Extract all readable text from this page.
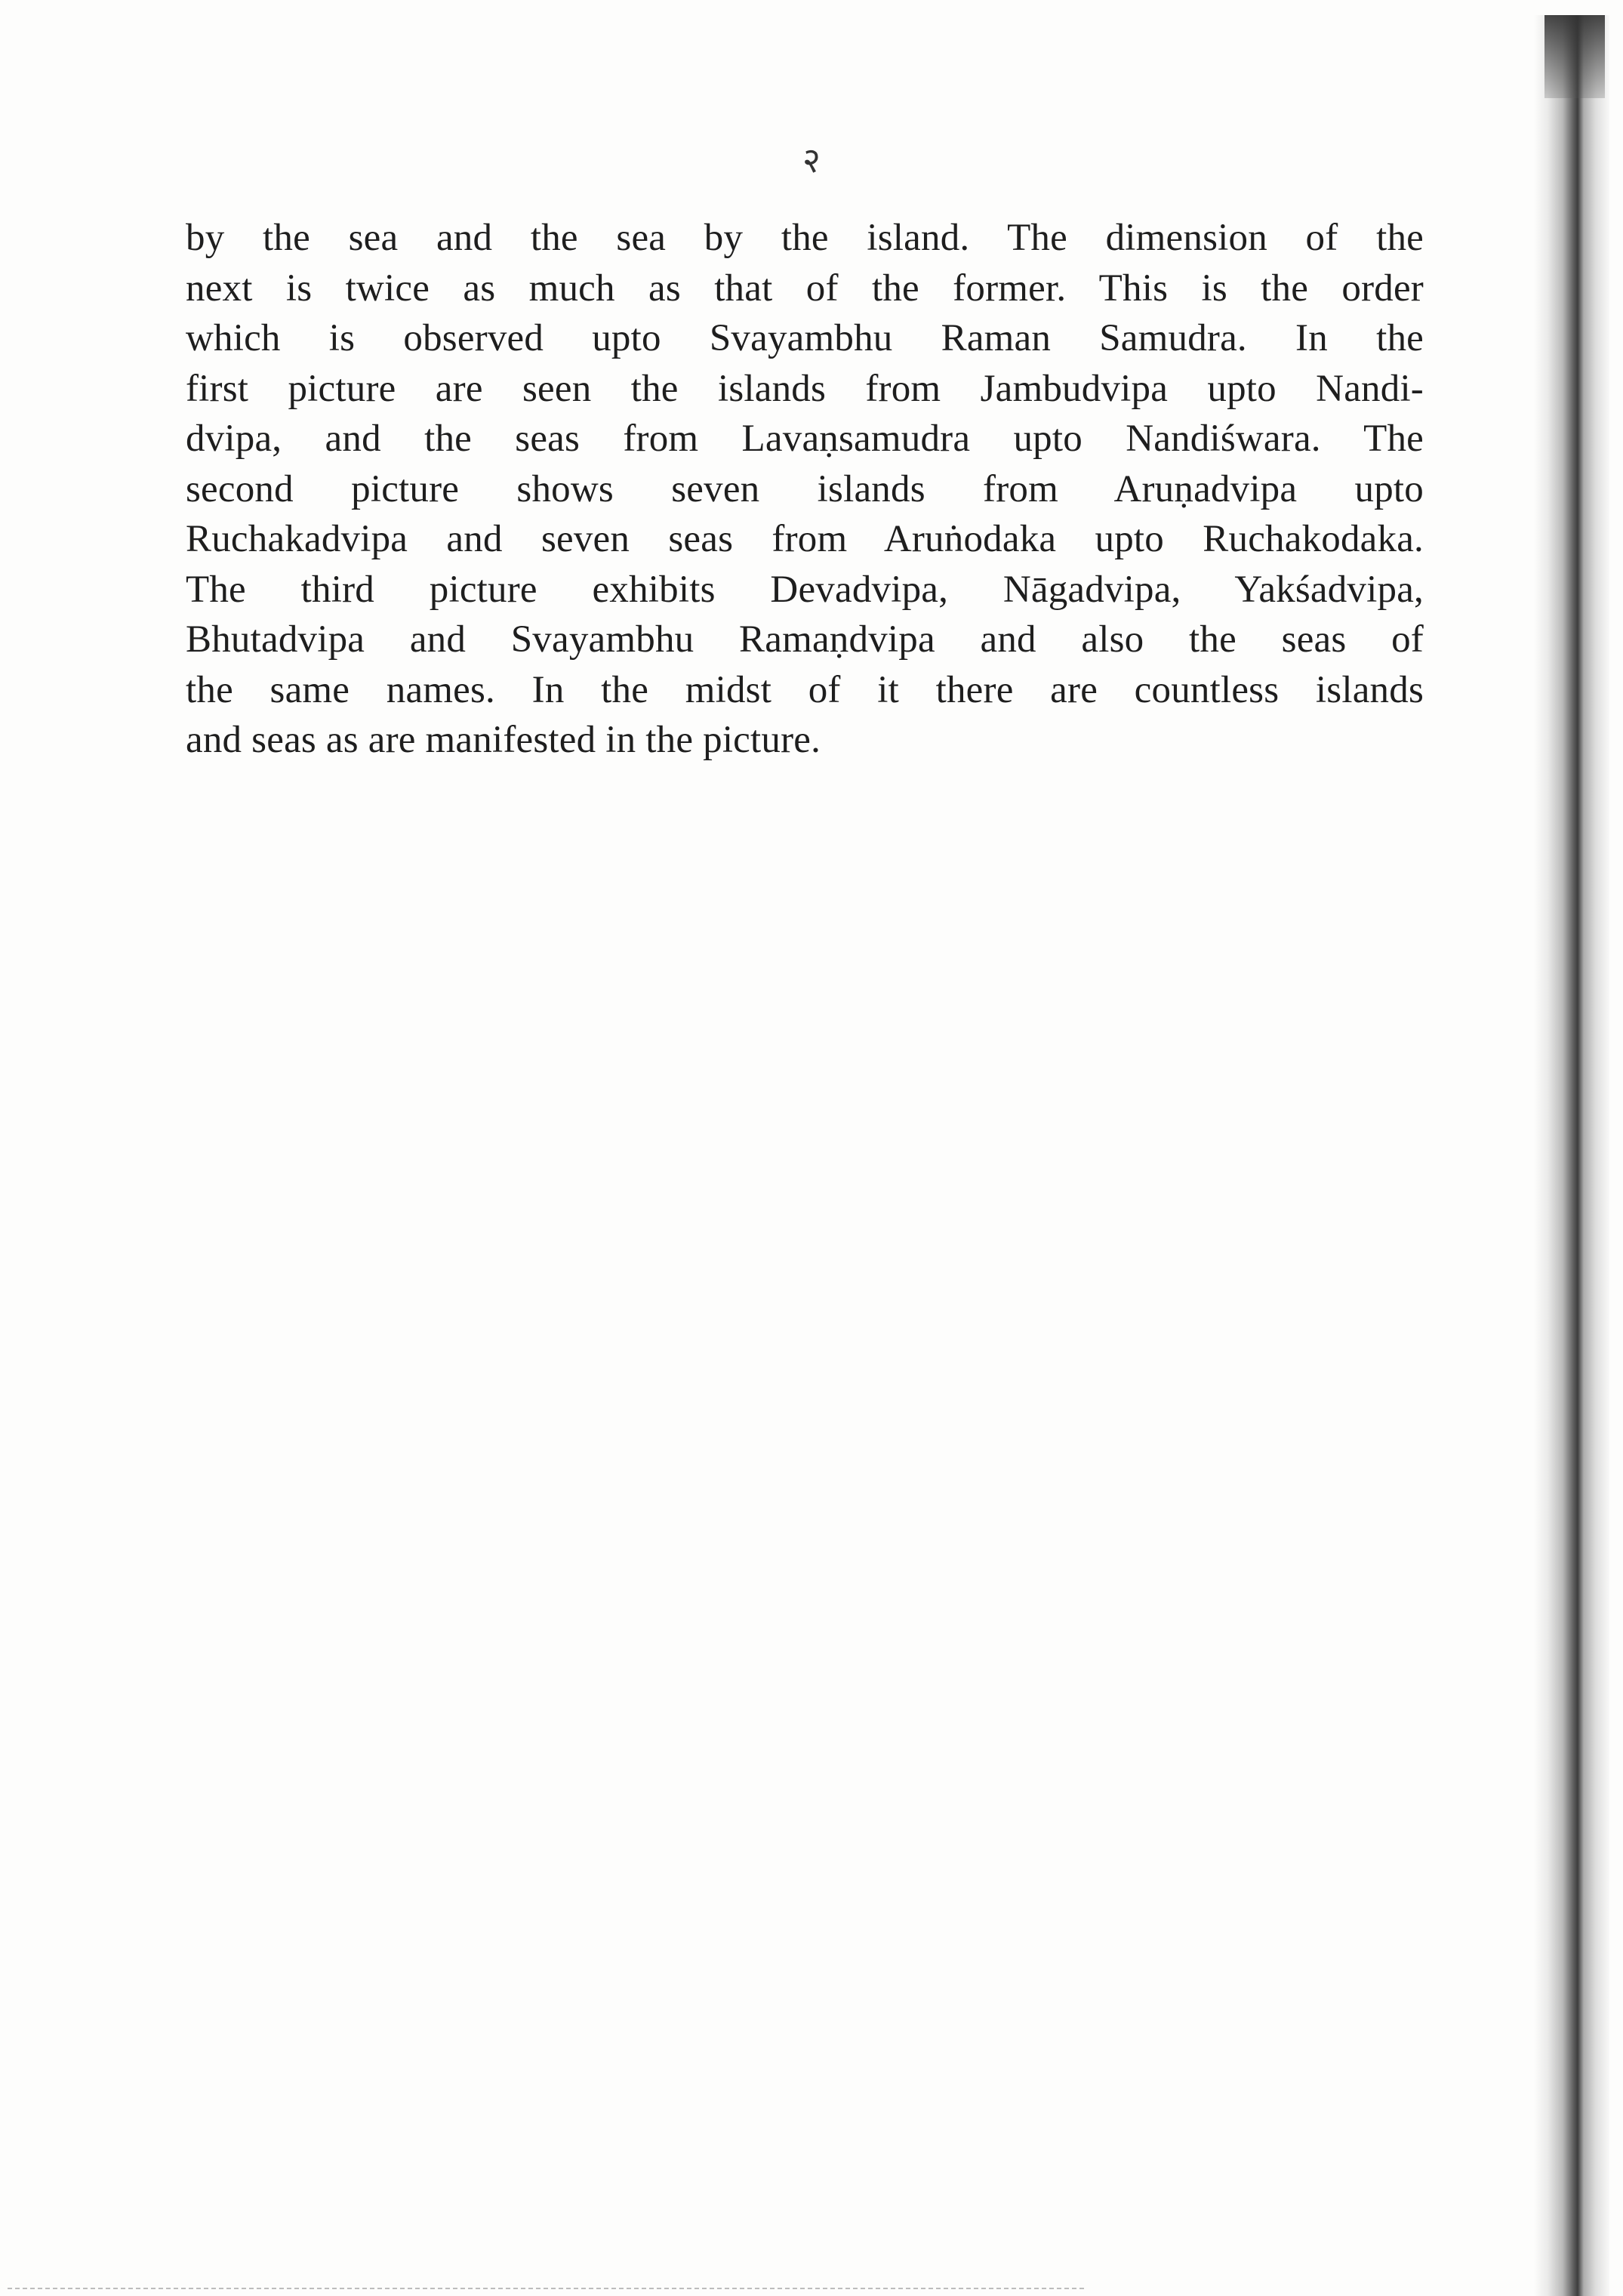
२
by the sea and the sea by the island. The dimension of the
next is twice as much as that of the former. This is the order
which is observed upto Svayambhu Raman Samudra. In the
first picture are seen the islands from Jambudvipa upto Nandi-
dvipa, and the seas from Lavaṇsamudra upto Nandiśwara. The
second picture shows seven islands from Aruṇadvipa upto
Ruchakadvipa and seven seas from Aruṅodaka upto Ruchakodaka.
The third picture exhibits Devadvipa, Nāgadvipa, Yakśadvipa,
Bhutadvipa and Svayambhu Ramaṇdvipa and also the seas of
the same names. In the midst of it there are countless islands
and seas as are manifested in the picture.
